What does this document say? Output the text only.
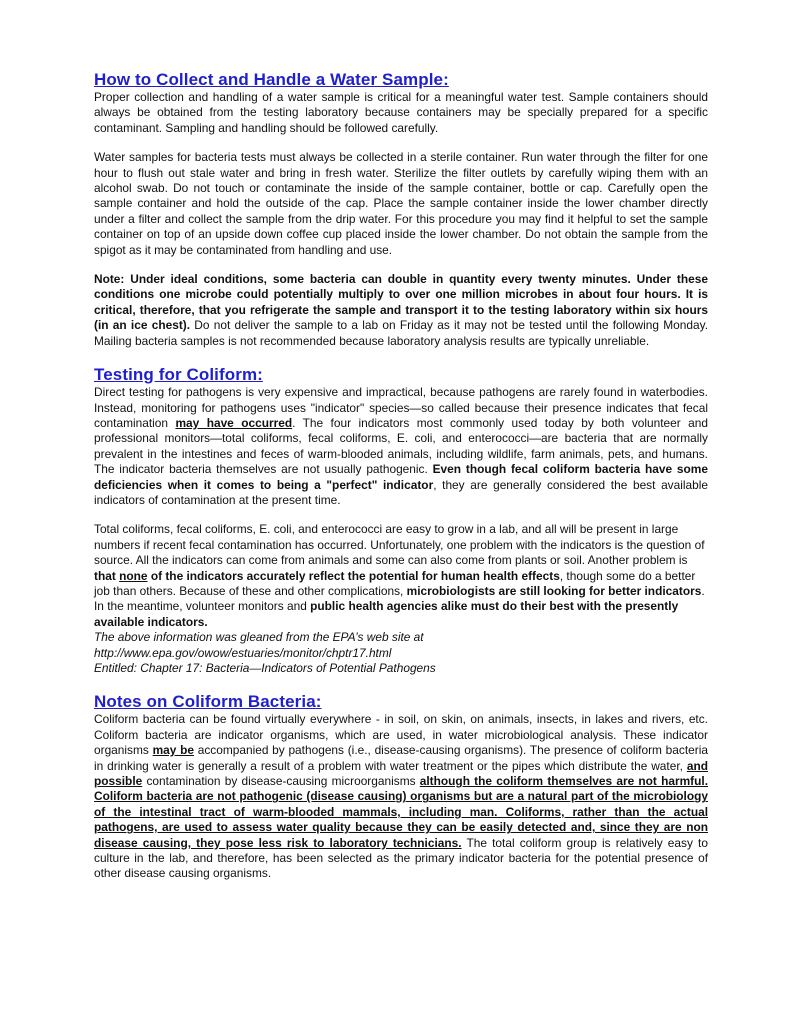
How to Collect and Handle a Water Sample:

Proper collection and handling of a water sample is critical for a meaningful water test. Sample containers should always be obtained from the testing laboratory because containers may be specially prepared for a specific contaminant. Sampling and handling should be followed carefully.

Water samples for bacteria tests must always be collected in a sterile container. Run water through the filter for one hour to flush out stale water and bring in fresh water. Sterilize the filter outlets by carefully wiping them with an alcohol swab. Do not touch or contaminate the inside of the sample container, bottle or cap. Carefully open the sample container and hold the outside of the cap. Place the sample container inside the lower chamber directly under a filter and collect the sample from the drip water. For this procedure you may find it helpful to set the sample container on top of an upside down coffee cup placed inside the lower chamber. Do not obtain the sample from the spigot as it may be contaminated from handling and use.

Note: Under ideal conditions, some bacteria can double in quantity every twenty minutes. Under these conditions one microbe could potentially multiply to over one million microbes in about four hours. It is critical, therefore, that you refrigerate the sample and transport it to the testing laboratory within six hours (in an ice chest). Do not deliver the sample to a lab on Friday as it may not be tested until the following Monday. Mailing bacteria samples is not recommended because laboratory analysis results are typically unreliable.

Testing for Coliform:

Direct testing for pathogens is very expensive and impractical, because pathogens are rarely found in waterbodies. Instead, monitoring for pathogens uses "indicator" species—so called because their presence indicates that fecal contamination may have occurred. The four indicators most commonly used today by both volunteer and professional monitors—total coliforms, fecal coliforms, E. coli, and enterococci—are bacteria that are normally prevalent in the intestines and feces of warm-blooded animals, including wildlife, farm animals, pets, and humans. The indicator bacteria themselves are not usually pathogenic. Even though fecal coliform bacteria have some deficiencies when it comes to being a "perfect" indicator, they are generally considered the best available indicators of contamination at the present time.

Total coliforms, fecal coliforms, E. coli, and enterococci are easy to grow in a lab, and all will be present in large numbers if recent fecal contamination has occurred. Unfortunately, one problem with the indicators is the question of source. All the indicators can come from animals and some can also come from plants or soil. Another problem is that none of the indicators accurately reflect the potential for human health effects, though some do a better job than others. Because of these and other complications, microbiologists are still looking for better indicators. In the meantime, volunteer monitors and public health agencies alike must do their best with the presently available indicators.

The above information was gleaned from the EPA’s web site at

http://www.epa.gov/owow/estuaries/monitor/chptr17.html

Entitled: Chapter 17: Bacteria—Indicators of Potential Pathogens

Notes on Coliform Bacteria:

Coliform bacteria can be found virtually everywhere - in soil, on skin, on animals, insects, in lakes and rivers, etc. Coliform bacteria are indicator organisms, which are used, in water microbiological analysis. These indicator organisms may be accompanied by pathogens (i.e., disease-causing organisms). The presence of coliform bacteria in drinking water is generally a result of a problem with water treatment or the pipes which distribute the water, and possible contamination by disease-causing microorganisms although the coliform themselves are not harmful. Coliform bacteria are not pathogenic (disease causing) organisms but are a natural part of the microbiology of the intestinal tract of warm-blooded mammals, including man. Coliforms, rather than the actual pathogens, are used to assess water quality because they can be easily detected and, since they are non disease causing, they pose less risk to laboratory technicians. The total coliform group is relatively easy to culture in the lab, and therefore, has been selected as the primary indicator bacteria for the potential presence of other disease causing organisms.
